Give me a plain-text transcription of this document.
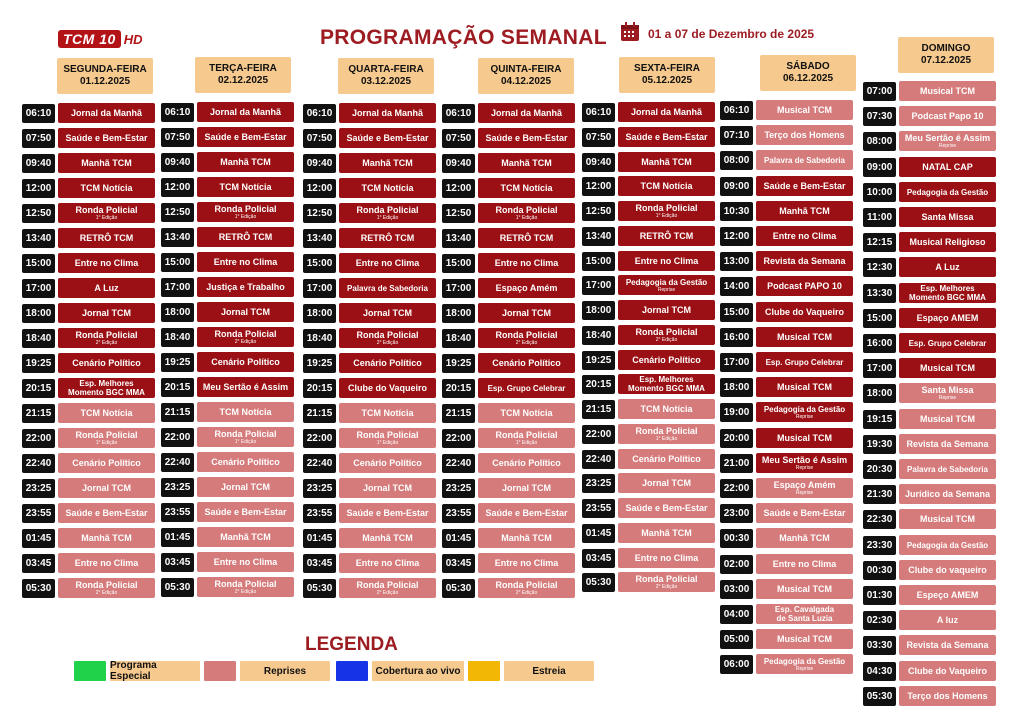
TCM 10 HD	PROGRAMAÇÃO SEMANAL	01 a 07 de Dezembro de 2025
SEGUNDA-FEIRA
01.12.2025
06:10	Jornal da Manhã
07:50	Saúde e Bem-Estar
09:40	Manhã TCM
12:00	TCM Notícia
12:50	Ronda Policial
1° Edição
13:40	RETRÔ TCM
15:00	Entre no Clima
17:00	A Luz
18:00	Jornal TCM
18:40	Ronda Policial
2° Edição
19:25	Cenário Político
20:15	Esp. Melhores
Momento BGC MMA
21:15	TCM Notícia
22:00	Ronda Policial
1° Edição
22:40	Cenário Político
23:25	Jornal TCM
23:55	Saúde e Bem-Estar
01:45	Manhã TCM
03:45	Entre no Clima
05:30	Ronda Policial
2° Edição
TERÇA-FEIRA
02.12.2025
06:10	Jornal da Manhã
07:50	Saúde e Bem-Estar
09:40	Manhã TCM
12:00	TCM Notícia
12:50	Ronda Policial
1° Edição
13:40	RETRÔ TCM
15:00	Entre no Clima
17:00	Justiça e Trabalho
18:00	Jornal TCM
18:40	Ronda Policial
2° Edição
19:25	Cenário Político
20:15	Meu Sertão é Assim
21:15	TCM Notícia
22:00	Ronda Policial
1° Edição
22:40	Cenário Político
23:25	Jornal TCM
23:55	Saúde e Bem-Estar
01:45	Manhã TCM
03:45	Entre no Clima
05:30	Ronda Policial
2° Edição
QUARTA-FEIRA
03.12.2025
06:10	Jornal da Manhã
07:50	Saúde e Bem-Estar
09:40	Manhã TCM
12:00	TCM Notícia
12:50	Ronda Policial
1° Edição
13:40	RETRÔ TCM
15:00	Entre no Clima
17:00	Palavra de Sabedoria
18:00	Jornal TCM
18:40	Ronda Policial
2° Edição
19:25	Cenário Político
20:15	Clube do Vaqueiro
21:15	TCM Notícia
22:00	Ronda Policial
1° Edição
22:40	Cenário Político
23:25	Jornal TCM
23:55	Saúde e Bem-Estar
01:45	Manhã TCM
03:45	Entre no Clima
05:30	Ronda Policial
2° Edição
QUINTA-FEIRA
04.12.2025
06:10	Jornal da Manhã
07:50	Saúde e Bem-Estar
09:40	Manhã TCM
12:00	TCM Notícia
12:50	Ronda Policial
1° Edição
13:40	RETRÔ TCM
15:00	Entre no Clima
17:00	Espaço Amém
18:00	Jornal TCM
18:40	Ronda Policial
2° Edição
19:25	Cenário Político
20:15	Esp. Grupo Celebrar
21:15	TCM Notícia
22:00	Ronda Policial
1° Edição
22:40	Cenário Político
23:25	Jornal TCM
23:55	Saúde e Bem-Estar
01:45	Manhã TCM
03:45	Entre no Clima
05:30	Ronda Policial
2° Edição
SEXTA-FEIRA
05.12.2025
06:10	Jornal da Manhã
07:50	Saúde e Bem-Estar
09:40	Manhã TCM
12:00	TCM Notícia
12:50	Ronda Policial
1° Edição
13:40	RETRÔ TCM
15:00	Entre no Clima
17:00	Pedagogia da Gestão
Reprise
18:00	Jornal TCM
18:40	Ronda Policial
2° Edição
19:25	Cenário Político
20:15	Esp. Melhores
Momento BGC MMA
21:15	TCM Notícia
22:00	Ronda Policial
1° Edição
22:40	Cenário Político
23:25	Jornal TCM
23:55	Saúde e Bem-Estar
01:45	Manhã TCM
03:45	Entre no Clima
05:30	Ronda Policial
2° Edição
SÁBADO
06.12.2025
06:10	Musical TCM
07:10	Terço dos Homens
08:00	Palavra de Sabedoria
09:00	Saúde e Bem-Estar
10:30	Manhã TCM
12:00	Entre no Clima
13:00	Revista da Semana
14:00	Podcast PAPO 10
15:00	Clube do Vaqueiro
16:00	Musical TCM
17:00	Esp. Grupo Celebrar
18:00	Musical TCM
19:00	Pedagogia da Gestão
Reprise
20:00	Musical TCM
21:00	Meu Sertão é Assim
Reprise
22:00	Espaço Amém
Reprise
23:00	Saúde e Bem-Estar
00:30	Manhã TCM
02:00	Entre no Clima
03:00	Musical TCM
04:00	Esp. Cavalgada
de Santa Luzia
05:00	Musical TCM
06:00	Pedagogia da Gestão
Reprise
DOMINGO
07.12.2025
07:00	Musical TCM
07:30	Podcast Papo 10
08:00	Meu Sertão é Assim
Reprise
09:00	NATAL CAP
10:00	Pedagogia da Gestão
11:00	Santa Missa
12:15	Musical Religioso
12:30	A Luz
13:30	Esp. Melhores
Momento BGC MMA
15:00	Espaço AMEM
16:00	Esp. Grupo Celebrar
17:00	Musical TCM
18:00	Santa Missa
Reprise
19:15	Musical TCM
19:30	Revista da Semana
20:30	Palavra de Sabedoria
21:30	Jurídico da Semana
22:30	Musical TCM
23:30	Pedagogia da Gestão
00:30	Clube do vaqueiro
01:30	Espeço AMEM
02:30	A luz
03:30	Revista da Semana
04:30	Clube do Vaqueiro
05:30	Terço dos Homens
LEGENDA
Programa Especial	Reprises	Cobertura ao vivo	Estreia
